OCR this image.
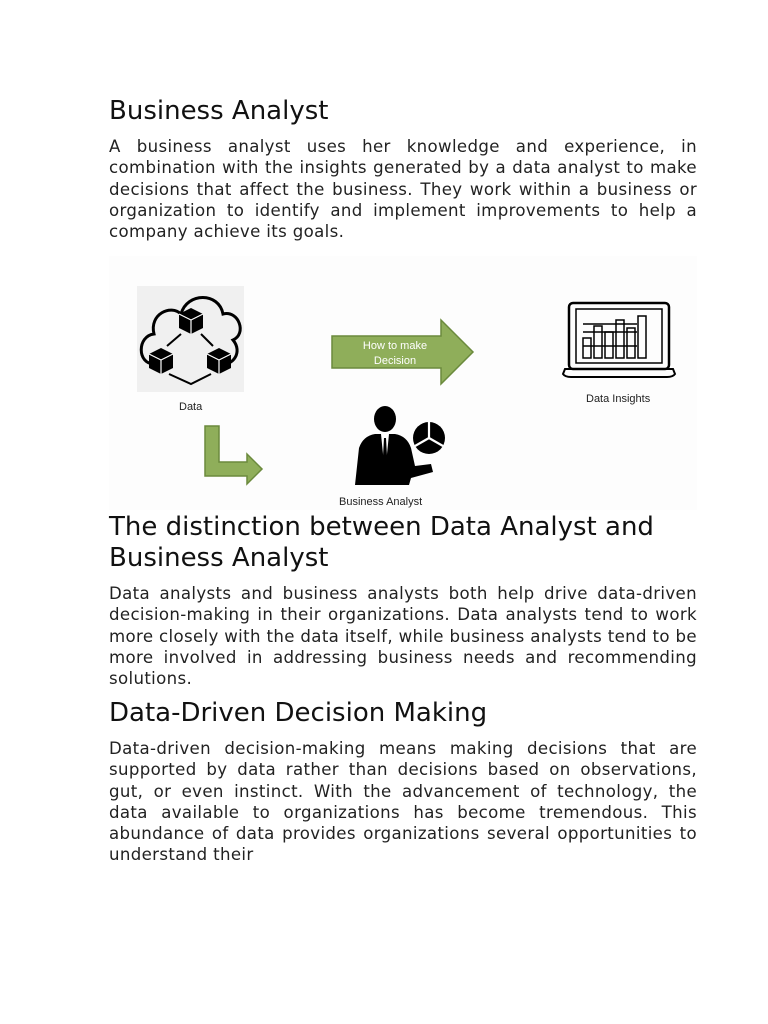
Business Analyst

A business analyst uses her knowledge and experience, in combination with the insights generated by a data analyst to make decisions that affect the business. They work within a business or organization to identify and implement improvements to help a company achieve its goals.

Data
How to make
Decision
Data Insights
Business Analyst
The distinction between Data Analyst and Business Analyst

Data analysts and business analysts both help drive data-driven decision-making in their organizations. Data analysts tend to work more closely with the data itself, while business analysts tend to be more involved in addressing business needs and recommending solutions.

Data-Driven Decision Making

Data-driven decision-making means making decisions that are supported by data rather than decisions based on observations, gut, or even instinct. With the advancement of technology, the data available to organizations has become tremendous. This abundance of data provides organizations several opportunities to understand their
